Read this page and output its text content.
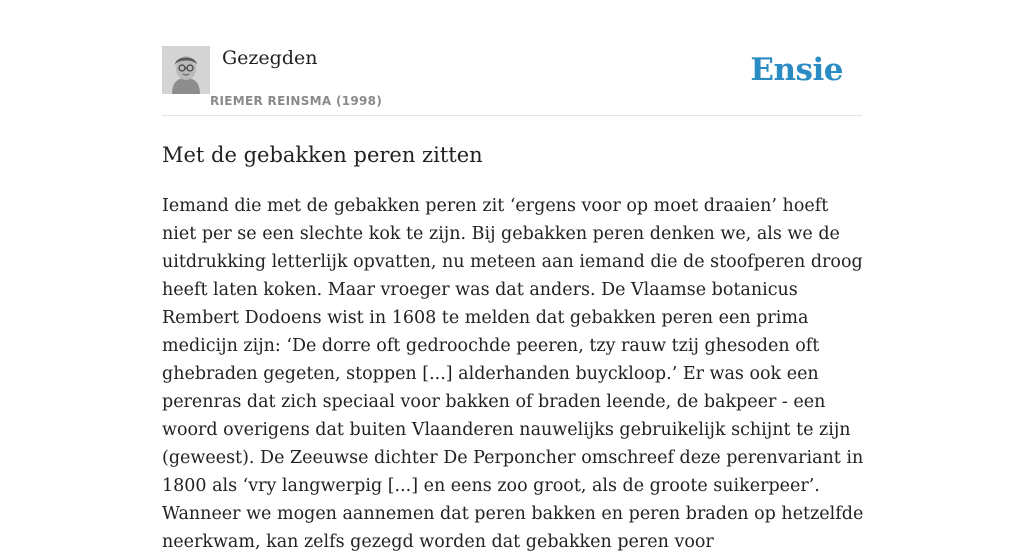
Gezegden
RIEMER REINSMA (1998)
Ensie
Met de gebakken peren zitten

Iemand die met de gebakken peren zit ‘ergens voor op moet draaien’ hoeft niet per se een slechte kok te zijn. Bij gebakken peren denken we, als we de uitdrukking letterlijk opvatten, nu meteen aan iemand die de stoofperen droog heeft laten koken. Maar vroeger was dat anders. De Vlaamse botanicus Rembert Dodoens wist in 1608 te melden dat gebakken peren een prima medicijn zijn: ‘De dorre oft gedroochde peeren, tzy rauw tzij ghesoden oft ghebraden gegeten, stoppen [...] alderhanden buyckloop.’ Er was ook een perenras dat zich speciaal voor bakken of braden leende, de bakpeer - een woord overigens dat buiten Vlaanderen nauwelijks gebruikelijk schijnt te zijn (geweest). De Zeeuwse dichter De Perponcher omschreef deze perenvariant in 1800 als ‘vry langwerpig [...] en eens zoo groot, als de groote suikerpeer’. Wanneer we mogen aannemen dat peren bakken en peren braden op hetzelfde neerkwam, kan zelfs gezegd worden dat gebakken peren voor
